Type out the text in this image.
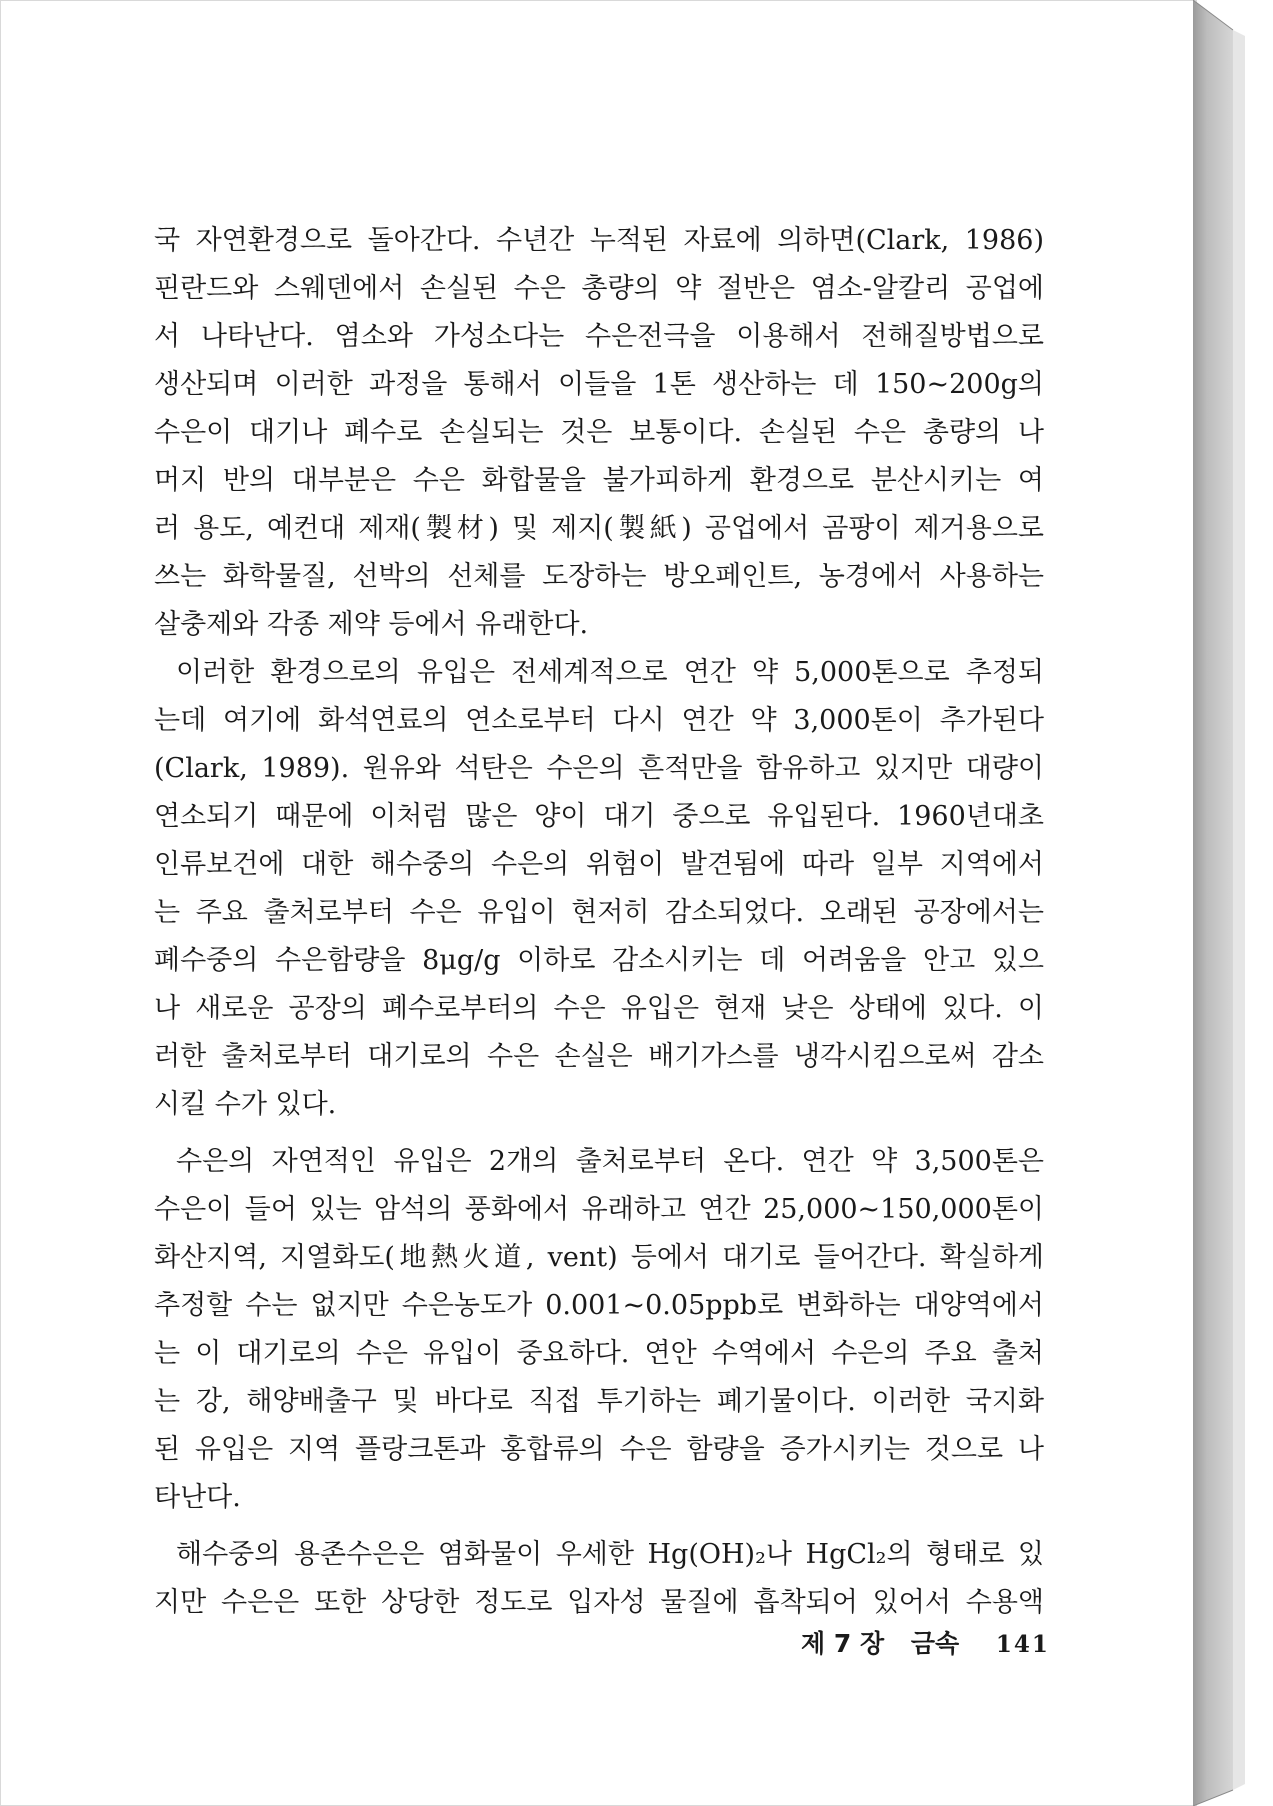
국 자연환경으로 돌아간다. 수년간 누적된 자료에 의하면(Clark, 1986)
핀란드와 스웨덴에서 손실된 수은 총량의 약 절반은 염소-알칼리 공업에
서 나타난다. 염소와 가성소다는 수은전극을 이용해서 전해질방법으로
생산되며 이러한 과정을 통해서 이들을 1톤 생산하는 데 150~200g의
수은이 대기나 폐수로 손실되는 것은 보통이다. 손실된 수은 총량의 나
머지 반의 대부분은 수은 화합물을 불가피하게 환경으로 분산시키는 여
러 용도, 예컨대 제재(製材) 및 제지(製紙) 공업에서 곰팡이 제거용으로
쓰는 화학물질, 선박의 선체를 도장하는 방오페인트, 농경에서 사용하는
살충제와 각종 제약 등에서 유래한다.
이러한 환경으로의 유입은 전세계적으로 연간 약 5,000톤으로 추정되
는데 여기에 화석연료의 연소로부터 다시 연간 약 3,000톤이 추가된다
(Clark, 1989). 원유와 석탄은 수은의 흔적만을 함유하고 있지만 대량이
연소되기 때문에 이처럼 많은 양이 대기 중으로 유입된다. 1960년대초
인류보건에 대한 해수중의 수은의 위험이 발견됨에 따라 일부 지역에서
는 주요 출처로부터 수은 유입이 현저히 감소되었다. 오래된 공장에서는
폐수중의 수은함량을 8μg/g 이하로 감소시키는 데 어려움을 안고 있으
나 새로운 공장의 폐수로부터의 수은 유입은 현재 낮은 상태에 있다. 이
러한 출처로부터 대기로의 수은 손실은 배기가스를 냉각시킴으로써 감소
시킬 수가 있다.
수은의 자연적인 유입은 2개의 출처로부터 온다. 연간 약 3,500톤은
수은이 들어 있는 암석의 풍화에서 유래하고 연간 25,000~150,000톤이
화산지역, 지열화도(地熱火道, vent) 등에서 대기로 들어간다. 확실하게
추정할 수는 없지만 수은농도가 0.001~0.05ppb로 변화하는 대양역에서
는 이 대기로의 수은 유입이 중요하다. 연안 수역에서 수은의 주요 출처
는 강, 해양배출구 및 바다로 직접 투기하는 폐기물이다. 이러한 국지화
된 유입은 지역 플랑크톤과 홍합류의 수은 함량을 증가시키는 것으로 나
타난다.
해수중의 용존수은은 염화물이 우세한 Hg(OH)₂나 HgCl₂의 형태로 있
지만 수은은 또한 상당한 정도로 입자성 물질에 흡착되어 있어서 수용액
제 7 장 금속 141
